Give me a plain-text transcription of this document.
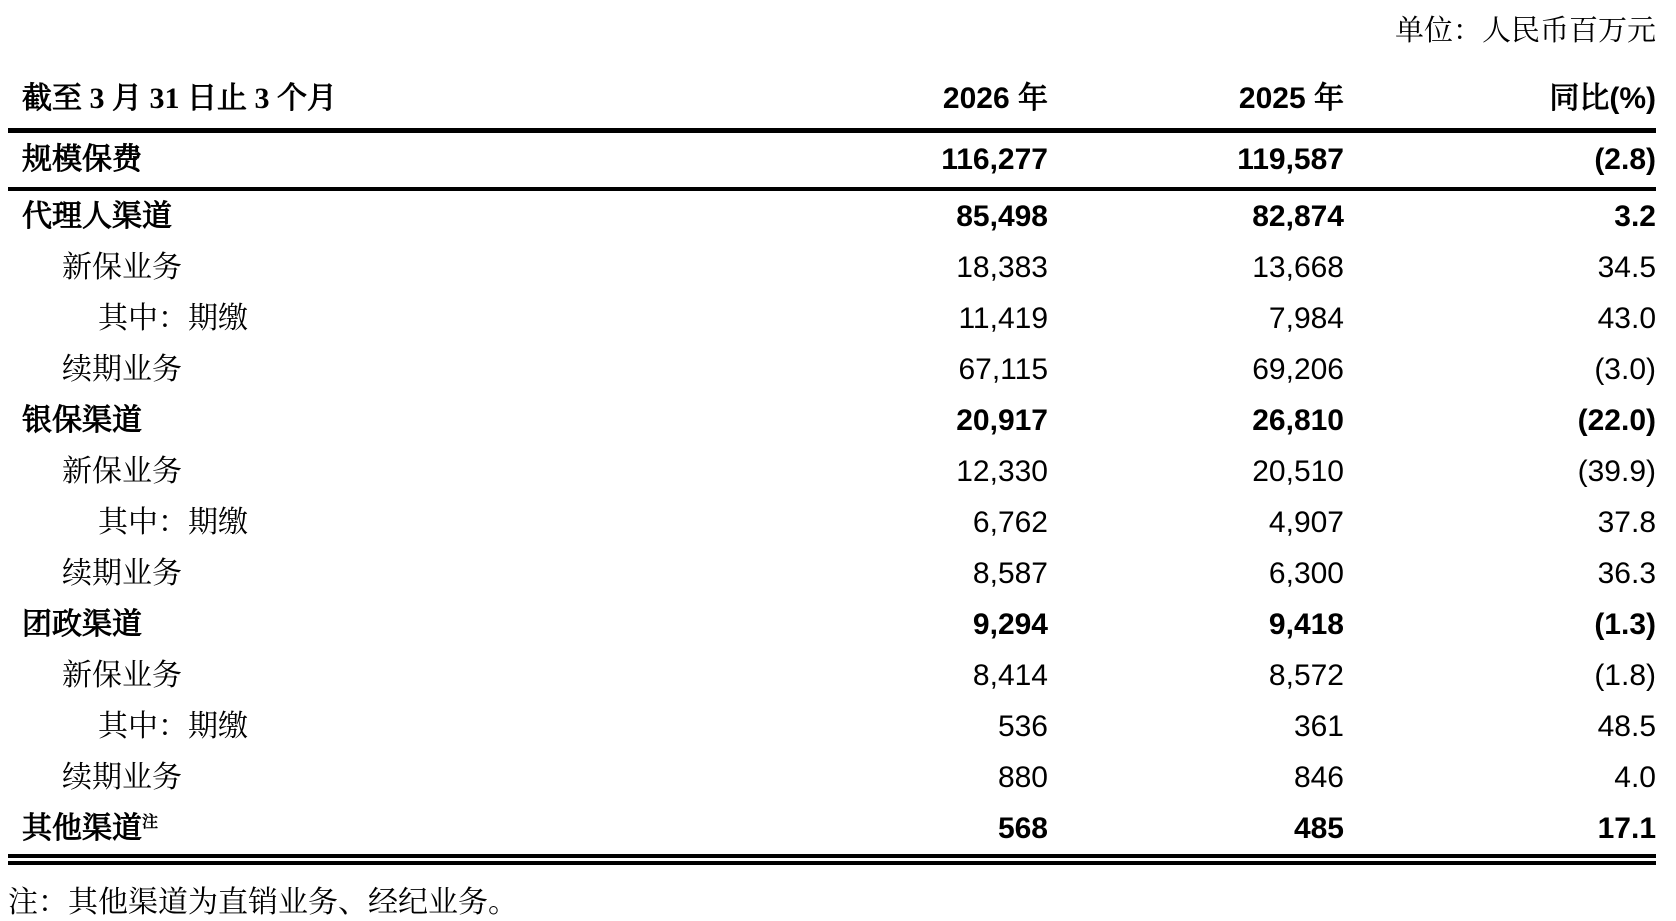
单位：人民币百万元
截至 3 月 31 日止 3 个月	2026 年	2025 年	同比(%)
规模保费	116,277	119,587	(2.8)
代理人渠道	85,498	82,874	3.2
新保业务	18,383	13,668	34.5
其中：期缴	11,419	7,984	43.0
续期业务	67,115	69,206	(3.0)
银保渠道	20,917	26,810	(22.0)
新保业务	12,330	20,510	(39.9)
其中：期缴	6,762	4,907	37.8
续期业务	8,587	6,300	36.3
团政渠道	9,294	9,418	(1.3)
新保业务	8,414	8,572	(1.8)
其中：期缴	536	361	48.5
续期业务	880	846	4.0
其他渠道$^注$	568	485	17.1
注：其他渠道为直销业务、经纪业务。
